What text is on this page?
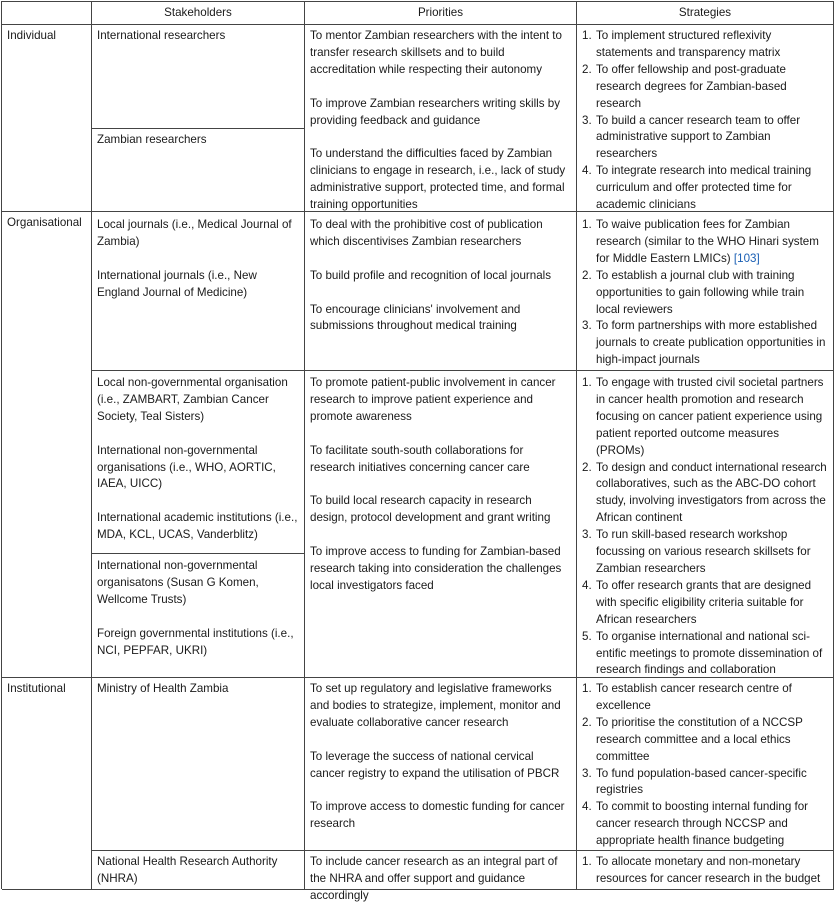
Stakeholders	Priorities	Strategies
Individual
Organisational
Institutional

International researchers

Zambian researchers

Local journals (i.e., Medical Journal of Zambia)

International journals (i.e., New England Journal of Medicine)

Local non-governmental organisation (i.e., ZAMBART, Zambian Cancer Society, Teal Sisters)

International non-governmental organisations (i.e., WHO, AORTIC, IAEA, UICC)

International academic institutions (i.e., MDA, KCL, UCAS, Vanderblitz)

International non-governmental organisatons (Susan G Komen, Wellcome Trusts)

Foreign governmental institutions (i.e., NCI, PEPFAR, UKRI)

Ministry of Health Zambia

National Health Research Authority (NHRA)

To mentor Zambian researchers with the intent to transfer research skillsets and to build accreditation while respecting their autonomy

To improve Zambian researchers writing skills by providing feedback and guidance

To understand the difficulties faced by Zambian clinicians to engage in research, i.e., lack of study administrative support, protected time, and formal training opportunities

To deal with the prohibitive cost of publication which discentivises Zambian researchers

To build profile and recognition of local journals

To encourage clinicians' involvement and submissions throughout medical training

To promote patient-public involvement in cancer research to improve patient experience and promote awareness

To facilitate south-south collaborations for research initiatives concerning cancer care

To build local research capacity in research design, protocol development and grant writing

To improve access to funding for Zambian-based research taking into consideration the challenges local investigators faced

To set up regulatory and legislative frameworks and bodies to strategize, implement, monitor and evaluate collaborative cancer research

To leverage the success of national cervical cancer registry to expand the utilisation of PBCR

To improve access to domestic funding for cancer research

To include cancer research as an integral part of the NHRA and offer support and guidance accordingly

1. To implement structured reflexivity statements and transparency matrix
2. To offer fellowship and post-graduate research degrees for Zambian-based research
3. To build a cancer research team to offer administrative support to Zambian researchers
4. To integrate research into medical training curriculum and offer protected time for academic clinicians
1. To waive publication fees for Zambian research (similar to the WHO Hinari system for Middle Eastern LMICs) [103]
2. To establish a journal club with training opportunities to gain following while train local reviewers
3. To form partnerships with more established journals to create publication opportunities in high-impact journals
1. To engage with trusted civil societal partners in cancer health promotion and research focusing on cancer patient experience using patient reported outcome measures (PROMs)
2. To design and conduct international research collaboratives, such as the ABC-DO cohort study, involving investigators from across the African continent
3. To run skill-based research workshop focussing on various research skillsets for Zambian researchers
4. To offer research grants that are designed with specific eligibility criteria suitable for African researchers
5. To organise international and national sci-entific meetings to promote dissemination of research findings and collaboration
1. To establish cancer research centre of excellence
2. To prioritise the constitution of a NCCSP research committee and a local ethics committee
3. To fund population-based cancer-specific registries
4. To commit to boosting internal funding for cancer research through NCCSP and appropriate health finance budgeting
1. To allocate monetary and non-monetary resources for cancer research in the budget
